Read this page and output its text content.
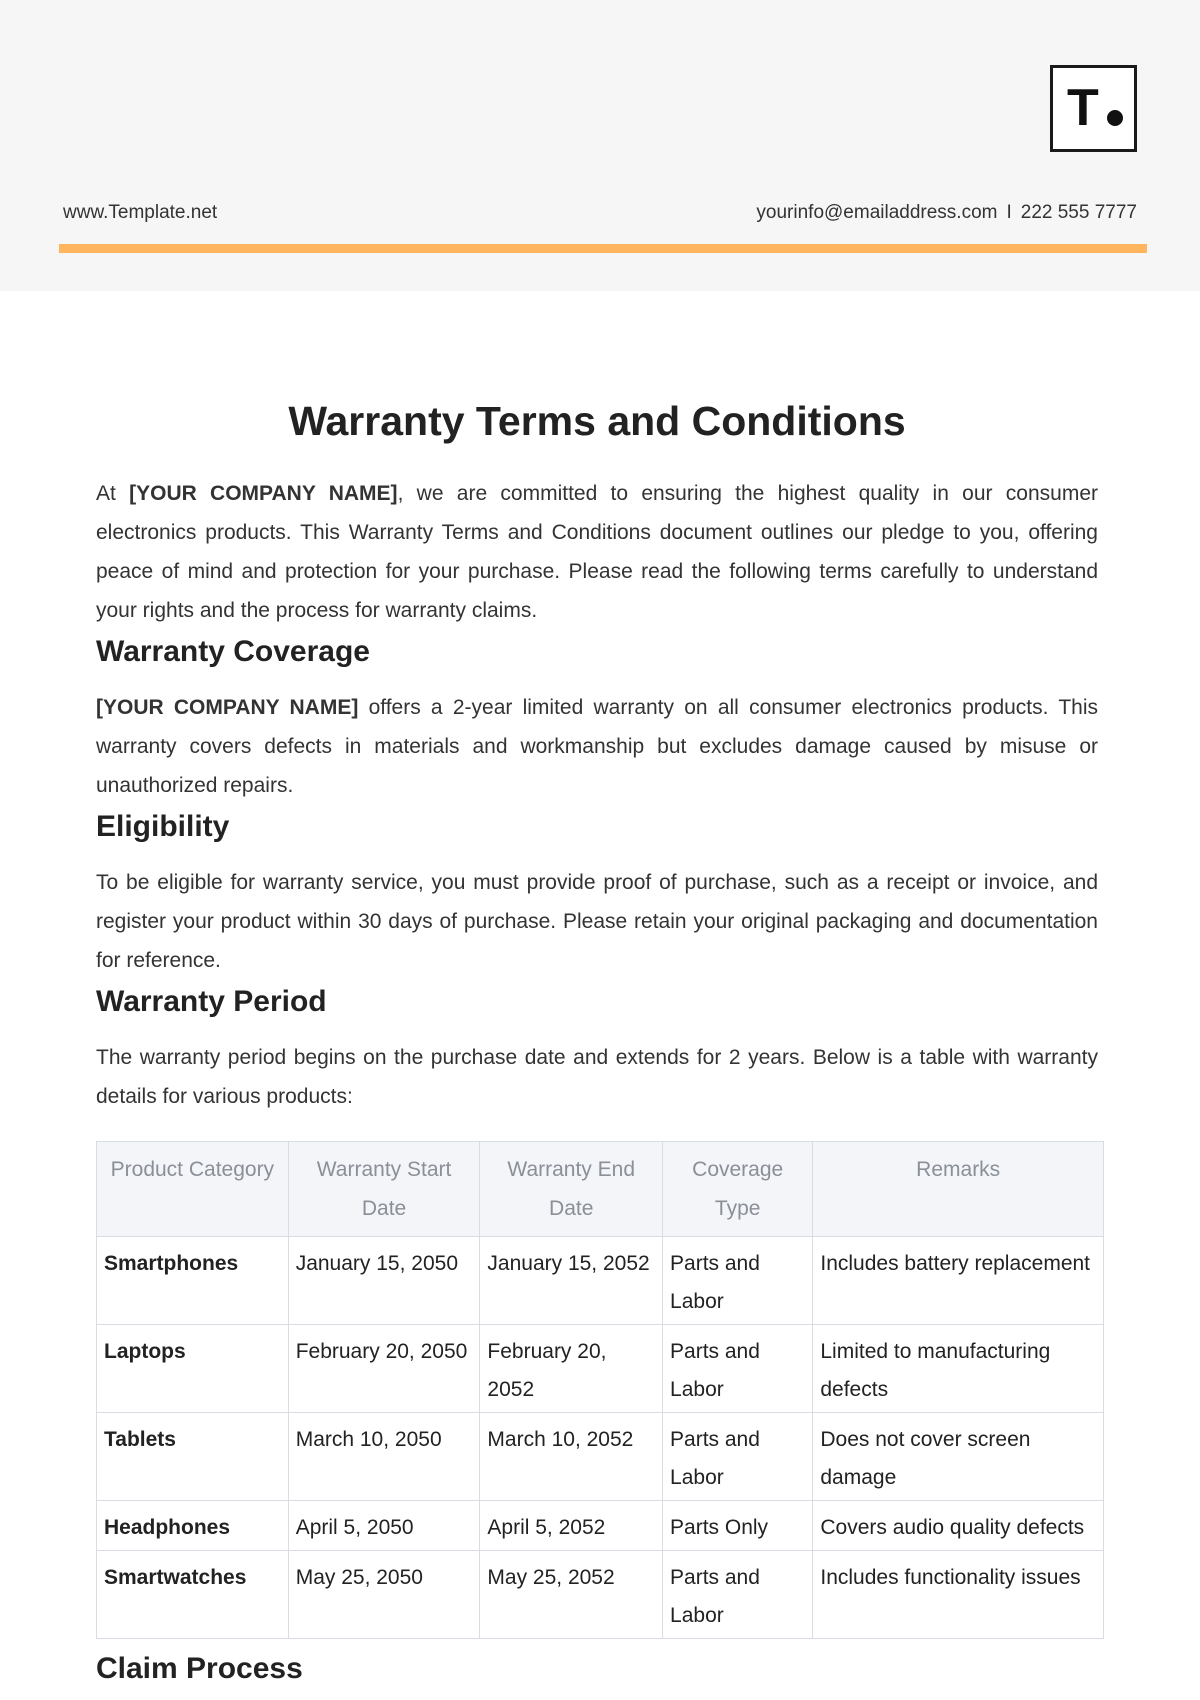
T
www.Template.net	yourinfo@emailaddress.com I 222 555 7777
Warranty Terms and Conditions

At [YOUR COMPANY NAME], we are committed to ensuring the highest quality in our consumer electronics products. This Warranty Terms and Conditions document outlines our pledge to you, offering peace of mind and protection for your purchase. Please read the following terms carefully to understand your rights and the process for warranty claims.

Warranty Coverage

[YOUR COMPANY NAME] offers a 2-year limited warranty on all consumer electronics products. This warranty covers defects in materials and workmanship but excludes damage caused by misuse or unauthorized repairs.

Eligibility

To be eligible for warranty service, you must provide proof of purchase, such as a receipt or invoice, and register your product within 30 days of purchase. Please retain your original packaging and documentation for reference.

Warranty Period

The warranty period begins on the purchase date and extends for 2 years. Below is a table with warranty details for various products:

Product Category	Warranty Start Date	Warranty End Date	Coverage Type	Remarks
Smartphones	January 15, 2050	January 15, 2052	Parts and Labor	Includes battery replacement
Laptops	February 20, 2050	February 20, 2052	Parts and Labor	Limited to manufacturing defects
Tablets	March 10, 2050	March 10, 2052	Parts and Labor	Does not cover screen damage
Headphones	April 5, 2050	April 5, 2052	Parts Only	Covers audio quality defects
Smartwatches	May 25, 2050	May 25, 2052	Parts and Labor	Includes functionality issues
Claim Process
